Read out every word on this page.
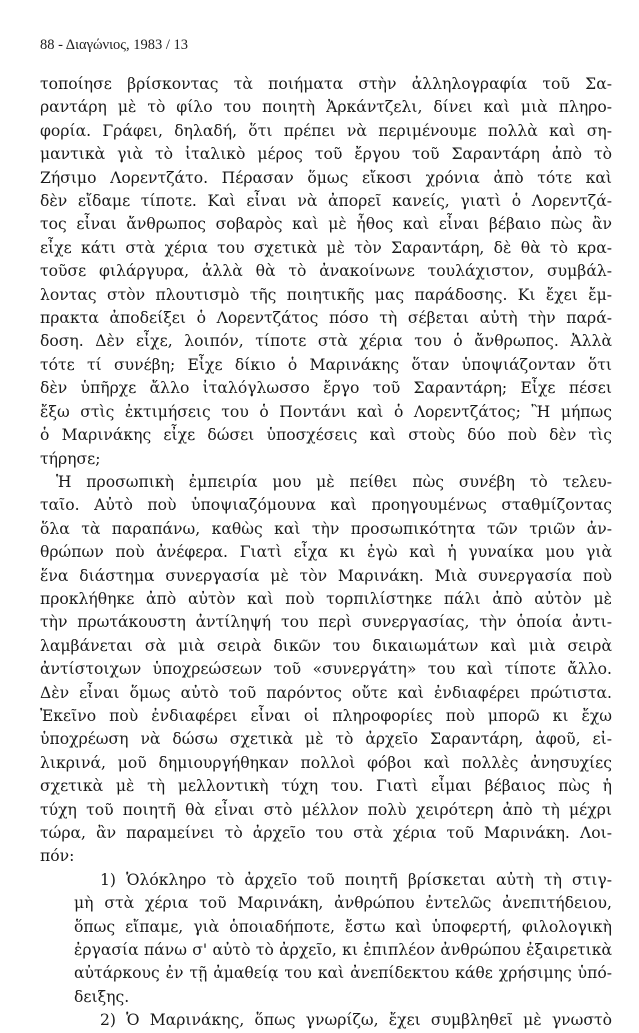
88 - Διαγώνιος, 1983 / 13
τοποίησε βρίσκοντας τὰ ποιήματα στὴν ἀλληλογραφία τοῦ Σα-
ραντάρη μὲ τὸ φίλο του ποιητὴ Ἀρκάντζελι, δίνει καὶ μιὰ πληρο-
φορία. Γράφει, δηλαδή, ὅτι πρέπει νὰ περιμένουμε πολλὰ καὶ ση-
μαντικὰ γιὰ τὸ ἰταλικὸ μέρος τοῦ ἔργου τοῦ Σαραντάρη ἀπὸ τὸ
Ζήσιμο Λορεντζάτο. Πέρασαν ὅμως εἴκοσι χρόνια ἀπὸ τότε καὶ
δὲν εἴδαμε τίποτε. Καὶ εἶναι νὰ ἀπορεῖ κανείς, γιατὶ ὁ Λορεντζά-
τος εἶναι ἄνθρωπος σοβαρὸς καὶ μὲ ἦθος καὶ εἶναι βέβαιο πὼς ἂν
εἶχε κάτι στὰ χέρια του σχετικὰ μὲ τὸν Σαραντάρη, δὲ θὰ τὸ κρα-
τοῦσε φιλάργυρα, ἀλλὰ θὰ τὸ ἀνακοίνωνε τουλάχιστον, συμβάλ-
λοντας στὸν πλουτισμὸ τῆς ποιητικῆς μας παράδοσης. Κι ἔχει ἔμ-
πρακτα ἀποδείξει ὁ Λορεντζάτος πόσο τὴ σέβεται αὐτὴ τὴν παρά-
δοση. Δὲν εἶχε, λοιπόν, τίποτε στὰ χέρια του ὁ ἄνθρωπος. Ἀλλὰ
τότε τί συνέβη; Εἶχε δίκιο ὁ Μαρινάκης ὅταν ὑποψιάζονταν ὅτι
δὲν ὑπῆρχε ἄλλο ἰταλόγλωσσο ἔργο τοῦ Σαραντάρη; Εἶχε πέσει
ἔξω στὶς ἐκτιμήσεις του ὁ Ποντάνι καὶ ὁ Λορεντζάτος; Ἢ μήπως
ὁ Μαρινάκης εἶχε δώσει ὑποσχέσεις καὶ στοὺς δύο ποὺ δὲν τὶς
τήρησε;
Ἡ προσωπικὴ ἐμπειρία μου μὲ πείθει πὼς συνέβη τὸ τελευ-
ταῖο. Αὐτὸ ποὺ ὑποψιαζόμουνα καὶ προηγουμένως σταθμίζοντας
ὅλα τὰ παραπάνω, καθὼς καὶ τὴν προσωπικότητα τῶν τριῶν ἀν-
θρώπων ποὺ ἀνέφερα. Γιατὶ εἶχα κι ἐγὼ καὶ ἡ γυναίκα μου γιὰ
ἕνα διάστημα συνεργασία μὲ τὸν Μαρινάκη. Μιὰ συνεργασία ποὺ
προκλήθηκε ἀπὸ αὐτὸν καὶ ποὺ τορπιλίστηκε πάλι ἀπὸ αὐτὸν μὲ
τὴν πρωτάκουστη ἀντίληψή του περὶ συνεργασίας, τὴν ὁποία ἀντι-
λαμβάνεται σὰ μιὰ σειρὰ δικῶν του δικαιωμάτων καὶ μιὰ σειρὰ
ἀντίστοιχων ὑποχρεώσεων τοῦ «συνεργάτη» του καὶ τίποτε ἄλλο.
Δὲν εἶναι ὅμως αὐτὸ τοῦ παρόντος οὔτε καὶ ἐνδιαφέρει πρώτιστα.
Ἐκεῖνο ποὺ ἐνδιαφέρει εἶναι οἱ πληροφορίες ποὺ μπορῶ κι ἔχω
ὑποχρέωση νὰ δώσω σχετικὰ μὲ τὸ ἀρχεῖο Σαραντάρη, ἀφοῦ, εἰ-
λικρινά, μοῦ δημιουργήθηκαν πολλοὶ φόβοι καὶ πολλὲς ἀνησυχίες
σχετικὰ μὲ τὴ μελλοντικὴ τύχη του. Γιατὶ εἶμαι βέβαιος πὼς ἡ
τύχη τοῦ ποιητῆ θὰ εἶναι στὸ μέλλον πολὺ χειρότερη ἀπὸ τὴ μέχρι
τώρα, ἂν παραμείνει τὸ ἀρχεῖο του στὰ χέρια τοῦ Μαρινάκη. Λοι-
πόν:
1) Ὁλόκληρο τὸ ἀρχεῖο τοῦ ποιητῆ βρίσκεται αὐτὴ τὴ στιγ-
μὴ στὰ χέρια τοῦ Μαρινάκη, ἀνθρώπου ἐντελῶς ἀνεπιτήδειου,
ὅπως εἴπαμε, γιὰ ὁποιαδήποτε, ἔστω καὶ ὑποφερτή, φιλολογικὴ
ἐργασία πάνω σ' αὐτὸ τὸ ἀρχεῖο, κι ἐπιπλέον ἀνθρώπου ἐξαιρετικὰ
αὐτάρκους ἐν τῇ ἀμαθείᾳ του καὶ ἀνεπίδεκτου κάθε χρήσιμης ὑπό-
δειξης.
2) Ὁ Μαρινάκης, ὅπως γνωρίζω, ἔχει συμβληθεῖ μὲ γνωστὸ
